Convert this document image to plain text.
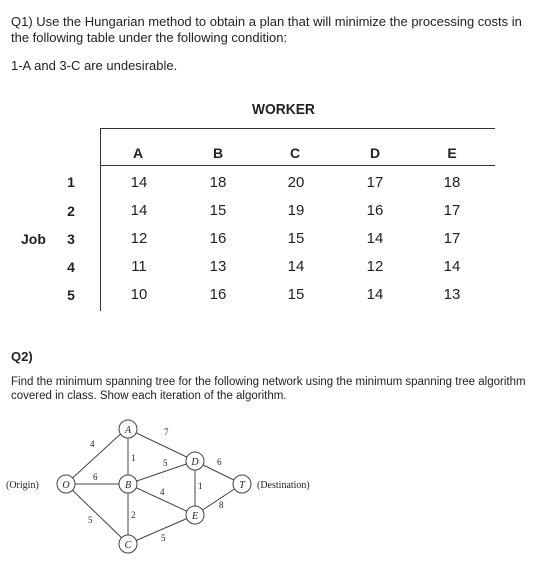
Q1) Use the Hungarian method to obtain a plan that will minimize the processing costs in the following table under the following condition:
1-A and 3-C are undesirable.
WORKER
A	B	C	D	E
Job
1
2
3
4
5
14	18	20	17	18
14	15	19	16	17
12	16	15	14	17
11	13	14	12	14
10	16	15	14	13
Q2)
Find the minimum spanning tree for the following network using the minimum spanning tree algorithm covered in class. Show each iteration of the algorithm.
4
6
5
1
7
5
4
2
5
1
6
8
O
A
B
C
D
E
T
(Origin)	(Destination)
